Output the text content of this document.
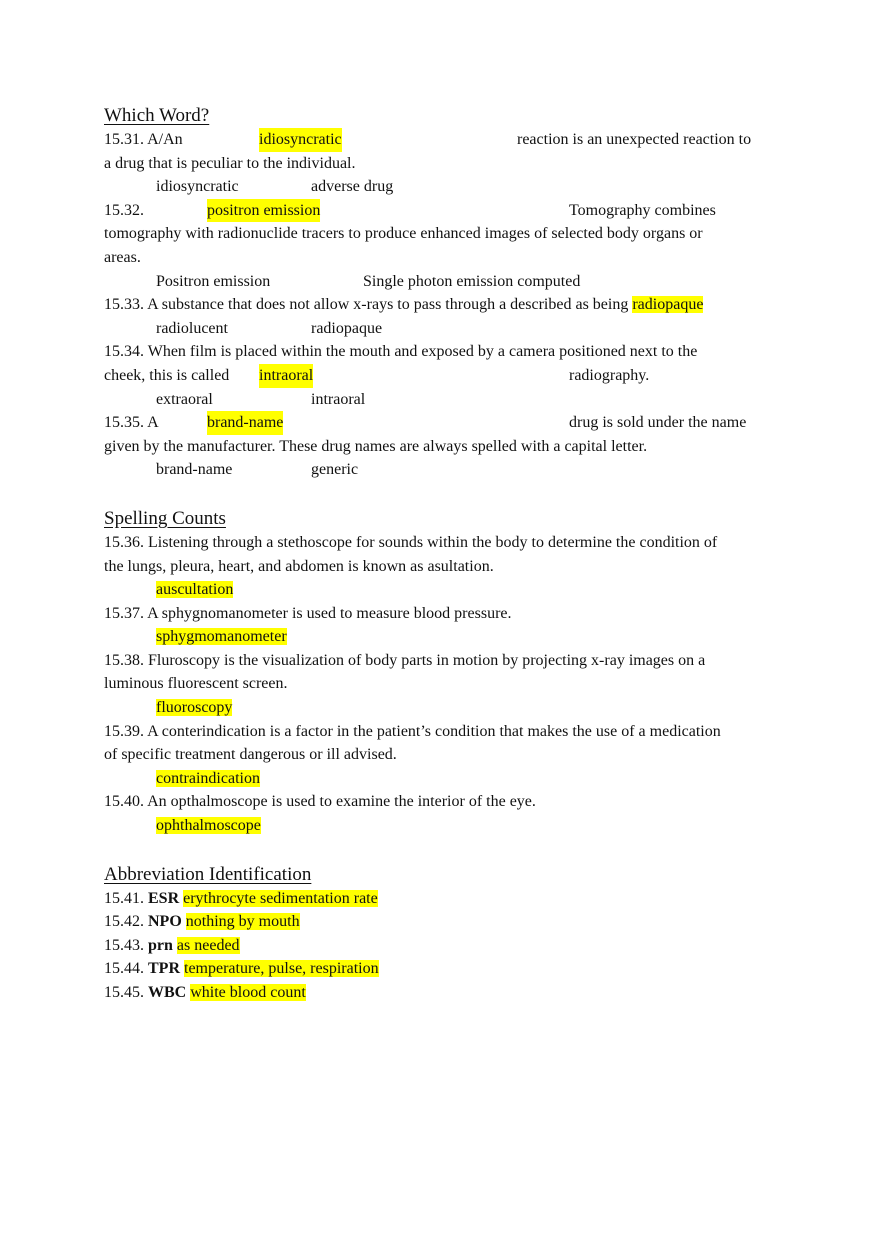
Which Word?
15.31. A/An	idiosyncratic	reaction is an unexpected reaction to
a drug that is peculiar to the individual.
idiosyncratic	adverse drug
15.32.	positron emission	Tomography combines
tomography with radionuclide tracers to produce enhanced images of selected body organs or
areas.
Positron emission	Single photon emission computed
15.33. A substance that does not allow x-rays to pass through a described as being radiopaque
radiolucent	radiopaque
15.34. When film is placed within the mouth and exposed by a camera positioned next to the
cheek, this is called intraoral	radiography.
extraoral	intraoral
15.35. A	brand-name	drug is sold under the name
given by the manufacturer. These drug names are always spelled with a capital letter.
brand-name	generic
Spelling Counts
15.36. Listening through a stethoscope for sounds within the body to determine the condition of
the lungs, pleura, heart, and abdomen is known as asultation.
auscultation
15.37. A sphygnomanometer is used to measure blood pressure.
sphygmomanometer
15.38. Fluroscopy is the visualization of body parts in motion by projecting x-ray images on a
luminous fluorescent screen.
fluoroscopy
15.39. A conterindication is a factor in the patient’s condition that makes the use of a medication
of specific treatment dangerous or ill advised.
contraindication
15.40. An opthalmoscope is used to examine the interior of the eye.
ophthalmoscope
Abbreviation Identification
15.41. ESR erythrocyte sedimentation rate
15.42. NPO nothing by mouth
15.43. prn as needed
15.44. TPR temperature, pulse, respiration
15.45. WBC white blood count
